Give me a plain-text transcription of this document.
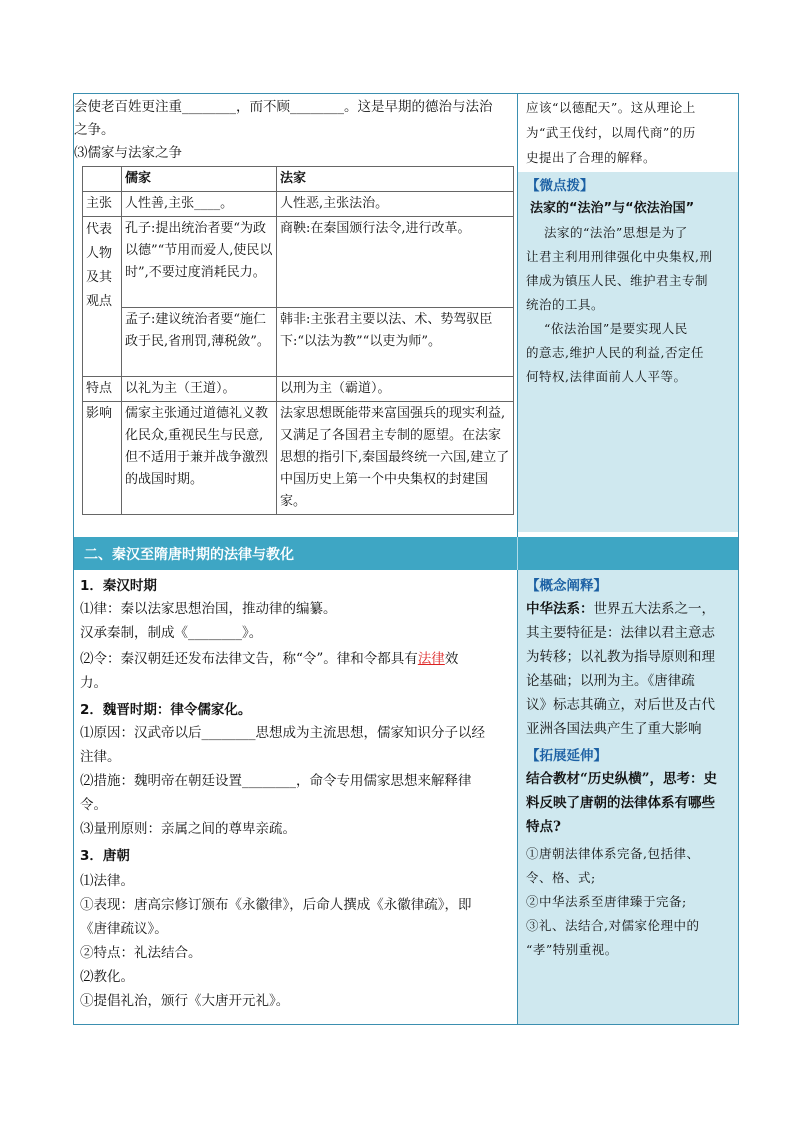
会使老百姓更注重________，而不顾________。这是早期的德治与法治
之争。
⑶儒家与法家之争
	儒家	法家
主张	人性善,主张____。	人性恶,主张法治。
代表人物及其观点	孔子:提出统治者要“为政以德”“节用而爱人,使民以时”,不要过度消耗民力。	商鞅:在秦国颁行法令,进行改革。
	孟子:建议统治者要“施仁政于民,省刑罚,薄税敛”。	韩非:主张君主要以法、术、势驾驭臣下:“以法为教”“以吏为师”。
特点	以礼为主（王道）。	以刑为主（霸道）。
影响	儒家主张通过道德礼义教化民众,重视民生与民意,但不适用于兼并战争激烈的战国时期。	法家思想既能带来富国强兵的现实利益,又满足了各国君主专制的愿望。在法家思想的指引下,秦国最终统一六国,建立了中国历史上第一个中央集权的封建国家。
应该“以德配天”。这从理论上
为“武王伐纣，以周代商”的历
史提出了合理的解释。
【微点拨】
法家的“法治”与“依法治国”
法家的“法治”思想是为了
让君主利用刑律强化中央集权,刑
律成为镇压人民、维护君主专制
统治的工具。
“依法治国”是要实现人民
的意志,维护人民的利益,否定任
何特权,法律面前人人平等。
二、秦汉至隋唐时期的法律与教化
1．秦汉时期
⑴律：秦以法家思想治国，推动律的编纂。
汉承秦制，制成《________》。
⑵令：秦汉朝廷还发布法律文告，称“令”。律和令都具有法律效
力。
2．魏晋时期：律令儒家化。
⑴原因：汉武帝以后________思想成为主流思想，儒家知识分子以经
注律。
⑵措施：魏明帝在朝廷设置________，命令专用儒家思想来解释律
令。
⑶量刑原则：亲属之间的尊卑亲疏。
3．唐朝
⑴法律。
①表现：唐高宗修订颁布《永徽律》，后命人撰成《永徽律疏》，即
《唐律疏议》。
②特点：礼法结合。
⑵教化。
①提倡礼治，颁行《大唐开元礼》。
【概念阐释】
中华法系：世界五大法系之一，
其主要特征是：法律以君主意志
为转移；以礼教为指导原则和理
论基础；以刑为主。《唐律疏
议》标志其确立，对后世及古代
亚洲各国法典产生了重大影响
【拓展延伸】
结合教材“历史纵横”，思考：史
料反映了唐朝的法律体系有哪些
特点?
①唐朝法律体系完备,包括律、
令、格、式;
②中华法系至唐律臻于完备;
③礼、法结合,对儒家伦理中的
“孝”特别重视。
